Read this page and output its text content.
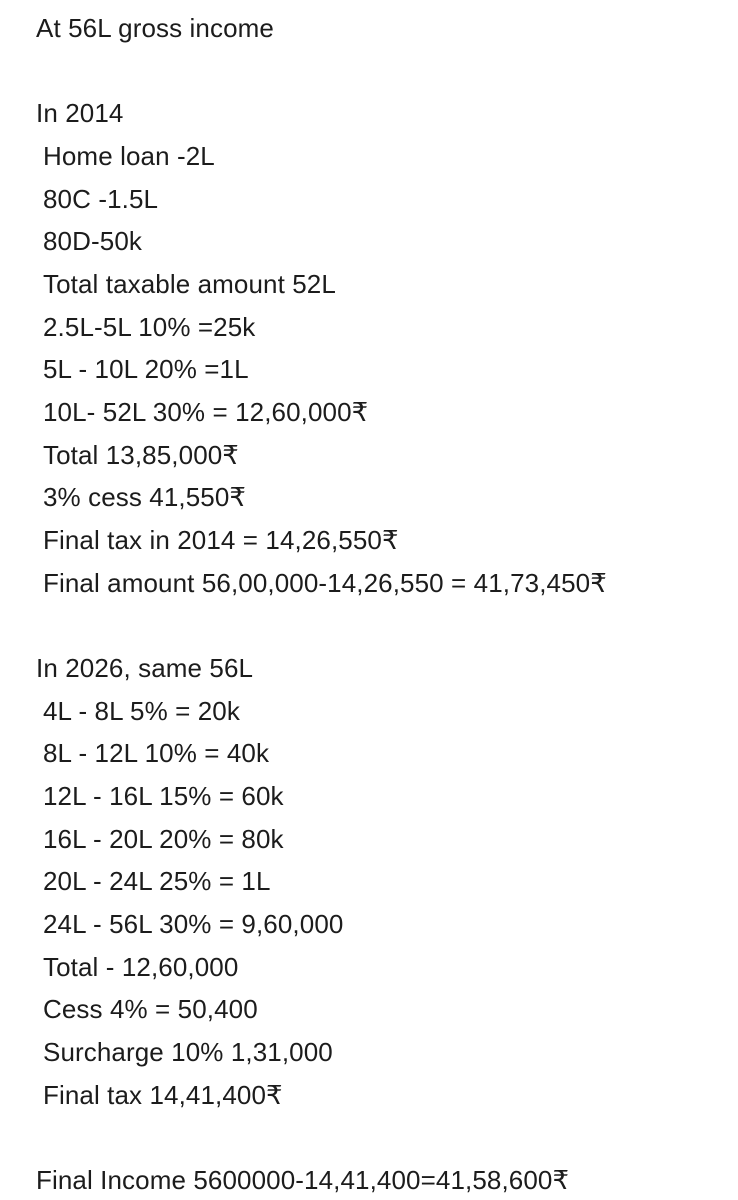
At 56L gross income
In 2014
Home loan -2L
80C -1.5L
80D-50k
Total taxable amount 52L
2.5L-5L 10% =25k
5L - 10L 20% =1L
10L- 52L 30% = 12,60,000₹
Total 13,85,000₹
3% cess 41,550₹
Final tax in 2014 = 14,26,550₹
Final amount 56,00,000-14,26,550 = 41,73,450₹
In 2026, same 56L
4L - 8L 5% = 20k
8L - 12L 10% = 40k
12L - 16L 15% = 60k
16L - 20L 20% = 80k
20L - 24L 25% = 1L
24L - 56L 30% = 9,60,000
Total - 12,60,000
Cess 4% = 50,400
Surcharge 10% 1,31,000
Final tax 14,41,400₹
Final Income 5600000-14,41,400=41,58,600₹
